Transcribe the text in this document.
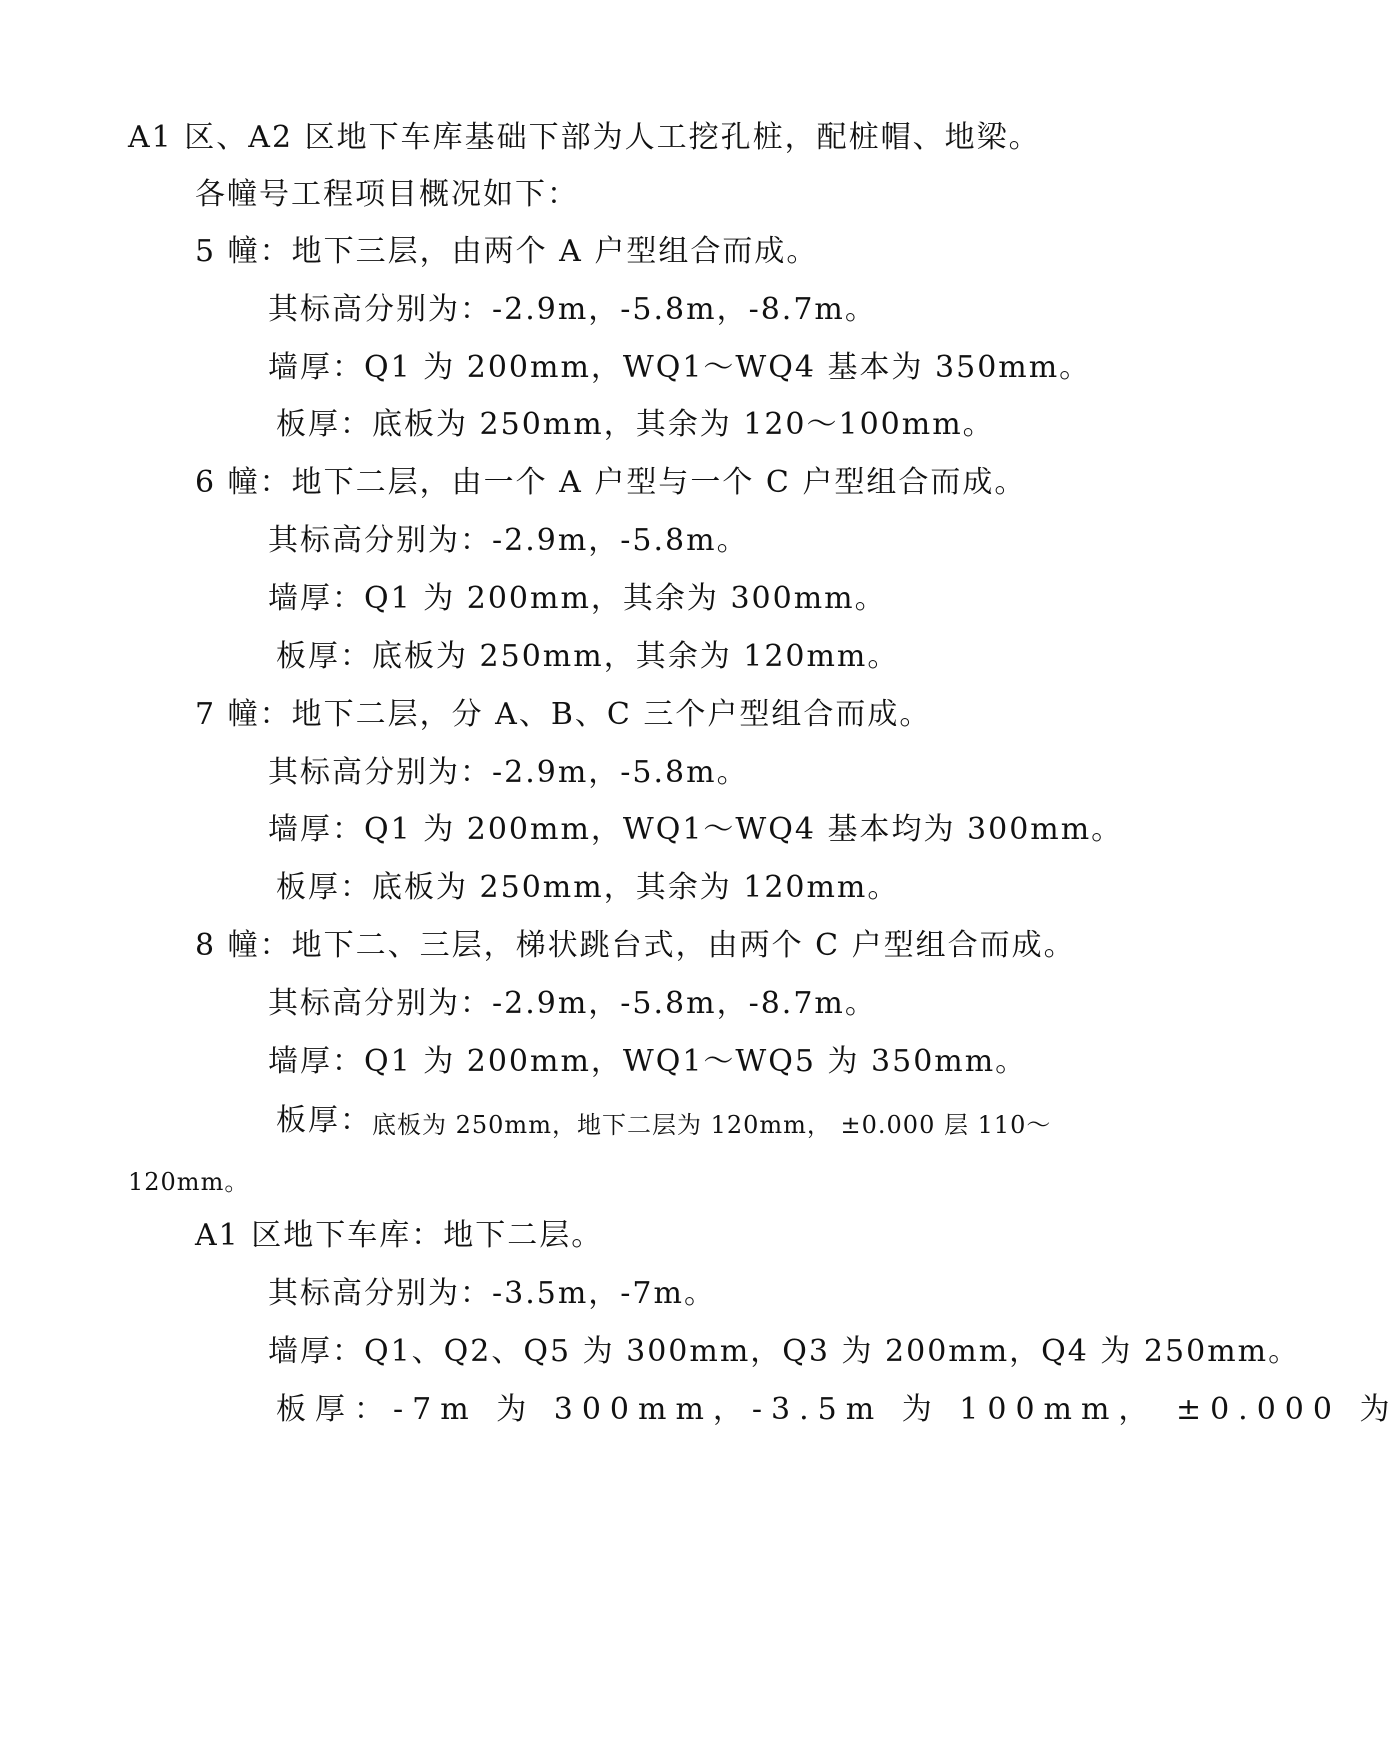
A1 区、A2 区地下车库基础下部为人工挖孔桩，配桩帽、地梁。

各幢号工程项目概况如下：

5 幢：地下三层，由两个 A 户型组合而成。

其标高分别为：-2.9m，-5.8m，-8.7m。

墙厚：Q1 为 200mm，WQ1～WQ4 基本为 350mm。

板厚：底板为 250mm，其余为 120～100mm。

6 幢：地下二层，由一个 A 户型与一个 C 户型组合而成。

其标高分别为：-2.9m，-5.8m。

墙厚：Q1 为 200mm，其余为 300mm。

板厚：底板为 250mm，其余为 120mm。

7 幢：地下二层，分 A、B、C 三个户型组合而成。

其标高分别为：-2.9m，-5.8m。

墙厚：Q1 为 200mm，WQ1～WQ4 基本均为 300mm。

板厚：底板为 250mm，其余为 120mm。

8 幢：地下二、三层，梯状跳台式，由两个 C 户型组合而成。

其标高分别为：-2.9m，-5.8m，-8.7m。

墙厚：Q1 为 200mm，WQ1～WQ5 为 350mm。

板厚： 底板为 250mm，地下二层为 120mm， ±0.000 层 110～

120mm。

A1 区地下车库：地下二层。

其标高分别为：-3.5m，-7m。

墙厚：Q1、Q2、Q5 为 300mm，Q3 为 200mm，Q4 为 250mm。

板厚：-7m 为 300mm，-3.5m 为 100mm， ±0.000 为
